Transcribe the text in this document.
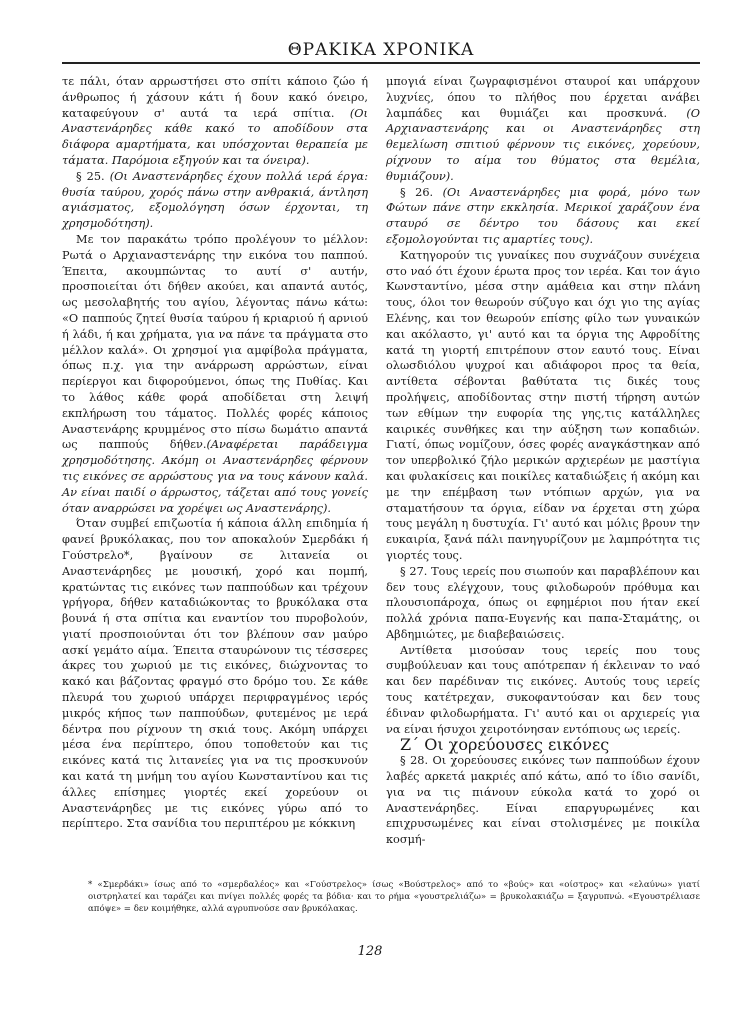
ΘΡΑΚΙΚΑ ΧΡΟΝΙΚΑ

τε πάλι, όταν αρρωστήσει στο σπίτι κάποιο ζώο ή άνθρωπος ή χάσουν κάτι ή δουν κακό όνειρο, καταφεύγουν σ' αυτά τα ιερά σπίτια. (Οι Αναστενάρηδες κάθε κακό το αποδίδουν στα διάφορα αμαρτήματα, και υπόσχονται θεραπεία με τάματα. Παρόμοια εξηγούν και τα όνειρα).

§ 25. (Οι Αναστενάρηδες έχουν πολλά ιερά έργα: θυσία ταύρου, χορός πάνω στην ανθρακιά, άντληση αγιάσματος, εξομολόγηση όσων έρχονται, τη χρησμοδότηση).

Με τον παρακάτω τρόπο προλέγουν το μέλλον: Ρωτά ο Αρχιαναστενάρης την εικόνα του παππού. Έπειτα, ακουμπώντας το αυτί σ' αυτήν, προσποιείται ότι δήθεν ακούει, και απαντά αυτός, ως μεσολαβητής του αγίου, λέγοντας πάνω κάτω: «Ο παππούς ζητεί θυσία ταύρου ή κριαριού ή αρνιού ή λάδι, ή και χρήματα, για να πάνε τα πράγματα στο μέλλον καλά». Οι χρησμοί για αμφίβολα πράγματα, όπως π.χ. για την ανάρρωση αρρώστων, είναι περίεργοι και διφορούμενοι, όπως της Πυθίας. Και το λάθος κάθε φορά αποδίδεται στη λειψή εκπλήρωση του τάματος. Πολλές φορές κάποιος Αναστενάρης κρυμμένος στο πίσω δωμάτιο απαντά ως παππούς δήθεν.(Αναφέρεται παράδειγμα χρησμοδότησης. Ακόμη οι Αναστενάρηδες φέρνουν τις εικόνες σε αρρώστους για να τους κάνουν καλά. Αν είναι παιδί ο άρρωστος, τάζεται από τους γονείς όταν αναρρώσει να χορέψει ως Αναστενάρης).

Όταν συμβεί επιζωοτία ή κάποια άλλη επιδημία ή φανεί βρυκόλακας, που τον αποκαλούν Σμερδάκι ή Γούστρελο*, βγαίνουν σε λιτανεία οι Αναστενάρηδες με μουσική, χορό και πομπή, κρατώντας τις εικόνες των παππούδων και τρέχουν γρήγορα, δήθεν καταδιώκοντας το βρυκόλακα στα βουνά ή στα σπίτια και εναντίον του πυροβολούν, γιατί προσποιούνται ότι τον βλέπουν σαν μαύρο ασκί γεμάτο αίμα. Έπειτα σταυρώνουν τις τέσσερες άκρες του χωριού με τις εικόνες, διώχνοντας το κακό και βάζοντας φραγμό στο δρόμο του. Σε κάθε πλευρά του χωριού υπάρχει περιφραγμένος ιερός μικρός κήπος των παππούδων, φυτεμένος με ιερά δέντρα που ρίχνουν τη σκιά τους. Ακόμη υπάρχει μέσα ένα περίπτερο, όπου τοποθετούν και τις εικόνες κατά τις λιτανείες για να τις προσκυνούν και κατά τη μνήμη του αγίου Κωνσταντίνου και τις άλλες επίσημες γιορτές εκεί χορεύουν οι Αναστενάρηδες με τις εικόνες γύρω από το περίπτερο. Στα σανίδια του περιπτέρου με κόκκινη

μπογιά είναι ζωγραφισμένοι σταυροί και υπάρχουν λυχνίες, όπου το πλήθος που έρχεται ανάβει λαμπάδες και θυμιάζει και προσκυνά. (Ο Αρχιαναστενάρης και οι Αναστενάρηδες στη θεμελίωση σπιτιού φέρνουν τις εικόνες, χορεύουν, ρίχνουν το αίμα του θύματος στα θεμέλια, θυμιάζουν).

§ 26. (Οι Αναστενάρηδες μια φορά, μόνο των Φώτων πάνε στην εκκλησία. Μερικοί χαράζουν ένα σταυρό σε δέντρο του δάσους και εκεί εξομολογούνται τις αμαρτίες τους).

Κατηγορούν τις γυναίκες που συχνάζουν συνέχεια στο ναό ότι έχουν έρωτα προς τον ιερέα. Και τον άγιο Κωνσταντίνο, μέσα στην αμάθεια και στην πλάνη τους, όλοι τον θεωρούν σύζυγο και όχι γιο της αγίας Ελένης, και τον θεωρούν επίσης φίλο των γυναικών και ακόλαστο, γι' αυτό και τα όργια της Αφροδίτης κατά τη γιορτή επιτρέπουν στον εαυτό τους. Είναι ολωσδιόλου ψυχροί και αδιάφοροι προς τα θεία, αντίθετα σέβονται βαθύτατα τις δικές τους προλήψεις, αποδίδοντας στην πιστή τήρηση αυτών των εθίμων την ευφορία της γης,τις κατάλληλες καιρικές συνθήκες και την αύξηση των κοπαδιών. Γιατί, όπως νομίζουν, όσες φορές αναγκάστηκαν από τον υπερβολικό ζήλο μερικών αρχιερέων με μαστίγια και φυλακίσεις και ποικίλες καταδιώξεις ή ακόμη και με την επέμβαση των ντόπιων αρχών, για να σταματήσουν τα όργια, είδαν να έρχεται στη χώρα τους μεγάλη η δυστυχία. Γι' αυτό και μόλις βρουν την ευκαιρία, ξανά πάλι πανηγυρίζουν με λαμπρότητα τις γιορτές τους.

§ 27. Τους ιερείς που σιωπούν και παραβλέπουν και δεν τους ελέγχουν, τους φιλοδωρούν πρόθυμα και πλουσιοπάροχα, όπως οι εφημέριοι που ήταν εκεί πολλά χρόνια παπα-Ευγενής και παπα-Σταμάτης, οι Αβδημιώτες, με διαβεβαιώσεις.

Αντίθετα μισούσαν τους ιερείς που τους συμβούλευαν και τους απότρεπαν ή έκλειναν το ναό και δεν παρέδιναν τις εικόνες. Αυτούς τους ιερείς τους κατέτρεχαν, συκοφαντούσαν και δεν τους έδιναν φιλοδωρήματα. Γι' αυτό και οι αρχιερείς για να είναι ήσυχοι χειροτόνησαν εντόπιους ως ιερείς.

Ζ΄ Οι χορεύουσες εικόνες

§ 28. Οι χορεύουσες εικόνες των παππούδων έχουν λαβές αρκετά μακριές από κάτω, από το ίδιο σανίδι, για να τις πιάνουν εύκολα κατά το χορό οι Αναστενάρηδες. Είναι επαργυρωμένες και επιχρυσωμένες και είναι στολισμένες με ποικίλα κοσμή-

* «Σμερδάκι» ίσως από το «σμερδαλέος» και «Γούστρελος» ίσως «Βούστρελος» από το «βούς» και «οίστρος» και «ελαύνω» γιατί οιστρηλατεί και ταράζει και πνίγει πολλές φορές τα βόδια· και το ρήμα «γουστρελιάζω» = βρυκολακιάζω = ξαγρυπνώ. «Εγουστρέλιασε απόψε» = δεν κοιμήθηκε, αλλά αγρυπνούσε σαν βρυκόλακας.
128
